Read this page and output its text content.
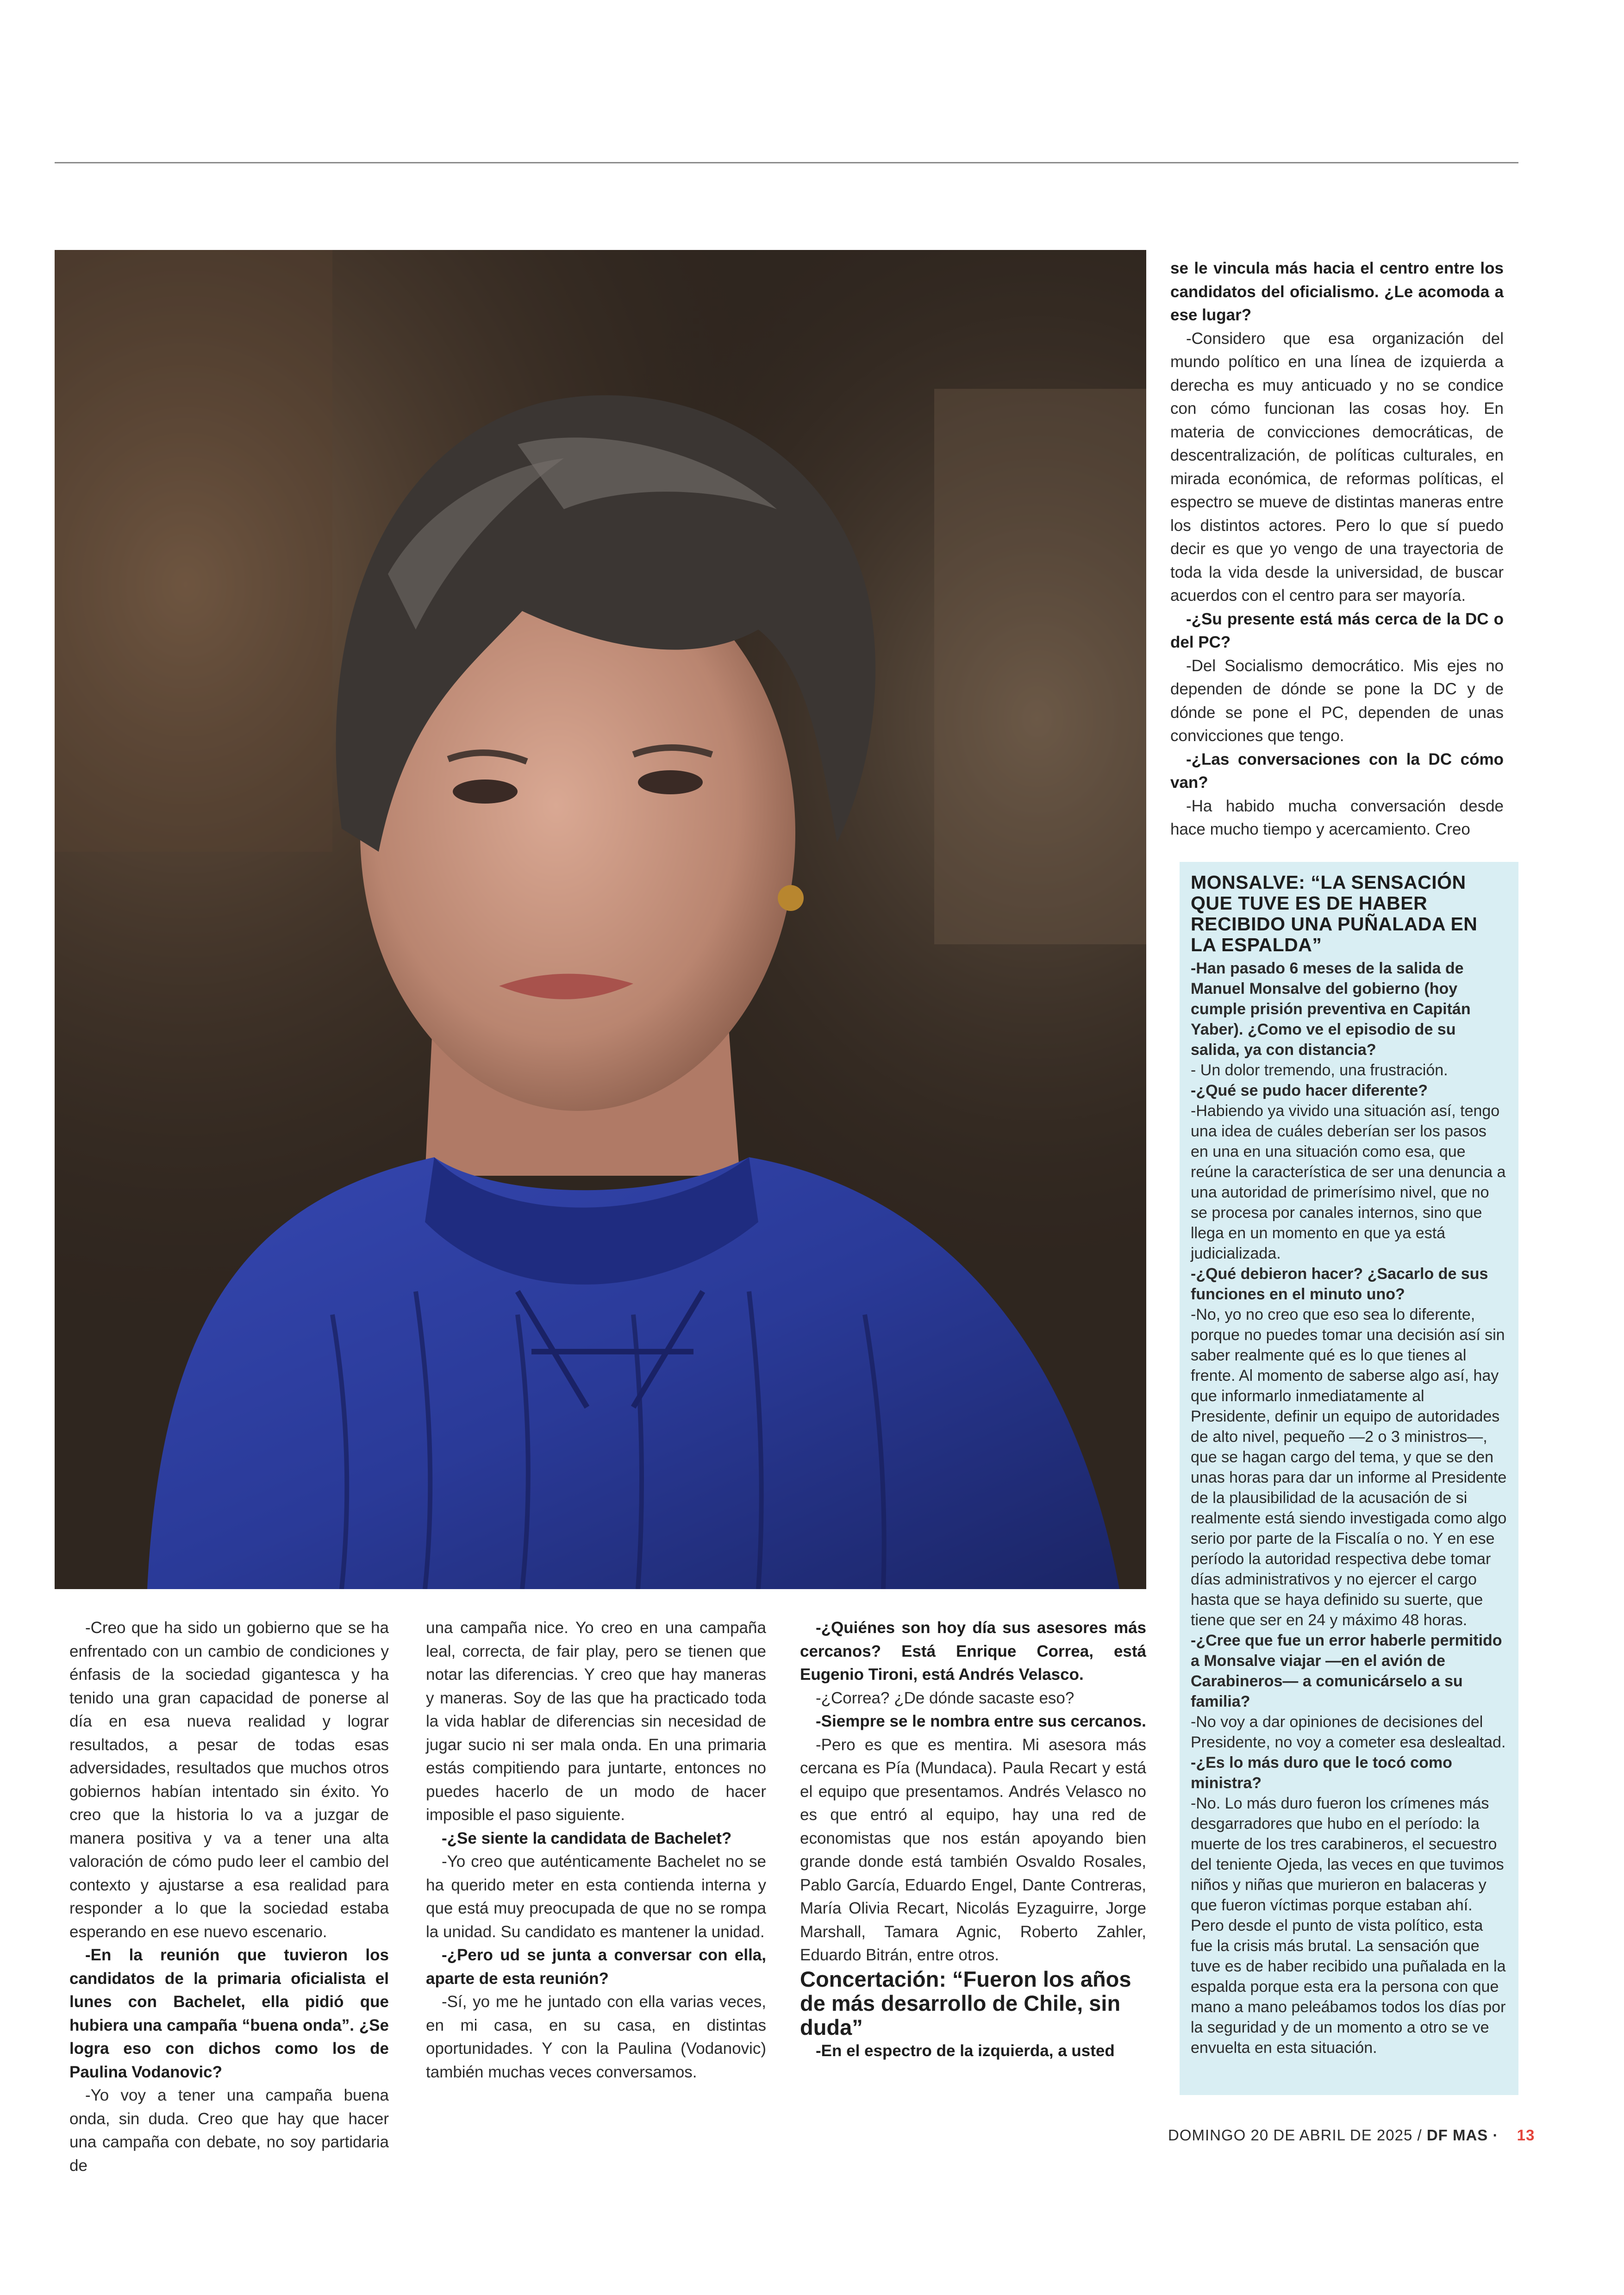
-Creo que ha sido un gobierno que se ha enfrentado con un cambio de condiciones y énfasis de la sociedad gigantesca y ha tenido una gran capacidad de ponerse al día en esa nueva realidad y lograr resultados, a pesar de todas esas adversidades, resultados que muchos otros gobiernos habían intentado sin éxito. Yo creo que la historia lo va a juzgar de manera positiva y va a tener una alta valoración de cómo pudo leer el cambio del contexto y ajustarse a esa realidad para responder a lo que la sociedad estaba esperando en ese nuevo escenario.

-En la reunión que tuvieron los candidatos de la primaria oficialista el lunes con Bachelet, ella pidió que hubiera una campaña “buena onda”. ¿Se logra eso con dichos como los de Paulina Vodanovic?

-Yo voy a tener una campaña buena onda, sin duda. Creo que hay que hacer una campaña con debate, no soy partidaria de

una campaña nice. Yo creo en una campaña leal, correcta, de fair play, pero se tienen que notar las diferencias. Y creo que hay maneras y maneras. Soy de las que ha practicado toda la vida hablar de diferencias sin necesidad de jugar sucio ni ser mala onda. En una primaria estás compitiendo para juntarte, entonces no puedes hacerlo de un modo de hacer imposible el paso siguiente.

-¿Se siente la candidata de Bachelet?

-Yo creo que auténticamente Bachelet no se ha querido meter en esta contienda interna y que está muy preocupada de que no se rompa la unidad. Su candidato es mantener la unidad.

-¿Pero ud se junta a conversar con ella, aparte de esta reunión?

-Sí, yo me he juntado con ella varias veces, en mi casa, en su casa, en distintas oportunidades. Y con la Paulina (Vodanovic) también muchas veces conversamos.

-¿Quiénes son hoy día sus asesores más cercanos? Está Enrique Correa, está Eugenio Tironi, está Andrés Velasco.

-¿Correa? ¿De dónde sacaste eso?

-Siempre se le nombra entre sus cercanos.

-Pero es que es mentira. Mi asesora más cercana es Pía (Mundaca). Paula Recart y está el equipo que presentamos. Andrés Velasco no es que entró al equipo, hay una red de economistas que nos están apoyando bien grande donde está también Osvaldo Rosales, Pablo García, Eduardo Engel, Dante Contreras, María Olivia Recart, Nicolás Eyzaguirre, Jorge Marshall, Tamara Agnic, Roberto Zahler, Eduardo Bitrán, entre otros.

Concertación: “Fueron los años de más desarrollo de Chile, sin duda”

-En el espectro de la izquierda, a usted

se le vincula más hacia el centro entre los candidatos del oficialismo. ¿Le acomoda a ese lugar?

-Considero que esa organización del mundo político en una línea de izquierda a derecha es muy anticuado y no se condice con cómo funcionan las cosas hoy. En materia de convicciones democráticas, de descentralización, de políticas culturales, en mirada económica, de reformas políticas, el espectro se mueve de distintas maneras entre los distintos actores. Pero lo que sí puedo decir es que yo vengo de una trayectoria de toda la vida desde la universidad, de buscar acuerdos con el centro para ser mayoría.

-¿Su presente está más cerca de la DC o del PC?

-Del Socialismo democrático. Mis ejes no dependen de dónde se pone la DC y de dónde se pone el PC, dependen de unas convicciones que tengo.

-¿Las conversaciones con la DC cómo van?

-Ha habido mucha conversación desde hace mucho tiempo y acercamiento. Creo

MONSALVE: “LA SENSACIÓN QUE TUVE ES DE HABER RECIBIDO UNA PUÑALADA EN LA ESPALDA”

-Han pasado 6 meses de la salida de Manuel Monsalve del gobierno (hoy cumple prisión preventiva en Capitán Yaber). ¿Como ve el episodio de su salida, ya con distancia?

- Un dolor tremendo, una frustración.

-¿Qué se pudo hacer diferente?

-Habiendo ya vivido una situación así, tengo una idea de cuáles deberían ser los pasos en una en una situación como esa, que reúne la característica de ser una denuncia a una autoridad de primerísimo nivel, que no se procesa por canales internos, sino que llega en un momento en que ya está judicializada.

-¿Qué debieron hacer? ¿Sacarlo de sus funciones en el minuto uno?

-No, yo no creo que eso sea lo diferente, porque no puedes tomar una decisión así sin saber realmente qué es lo que tienes al frente. Al momento de saberse algo así, hay que informarlo inmediatamente al Presidente, definir un equipo de autoridades de alto nivel, pequeño —2 o 3 ministros—, que se hagan cargo del tema, y que se den unas horas para dar un informe al Presidente de la plausibilidad de la acusación de si realmente está siendo investigada como algo serio por parte de la Fiscalía o no. Y en ese período la autoridad respectiva debe tomar días administrativos y no ejercer el cargo hasta que se haya definido su suerte, que tiene que ser en 24 y máximo 48 horas.

-¿Cree que fue un error haberle permitido a Monsalve viajar —en el avión de Carabineros— a comunicárselo a su familia?

-No voy a dar opiniones de decisiones del Presidente, no voy a cometer esa deslealtad.

-¿Es lo más duro que le tocó como ministra?

-No. Lo más duro fueron los crímenes más desgarradores que hubo en el período: la muerte de los tres carabineros, el secuestro del teniente Ojeda, las veces en que tuvimos niños y niñas que murieron en balaceras y que fueron víctimas porque estaban ahí. Pero desde el punto de vista político, esta fue la crisis más brutal. La sensación que tuve es de haber recibido una puñalada en la espalda porque esta era la persona con que mano a mano peleábamos todos los días por la seguridad y de un momento a otro se ve envuelta en esta situación.

DOMINGO 20 DE ABRIL DE 2025 / DF MAS · 13
